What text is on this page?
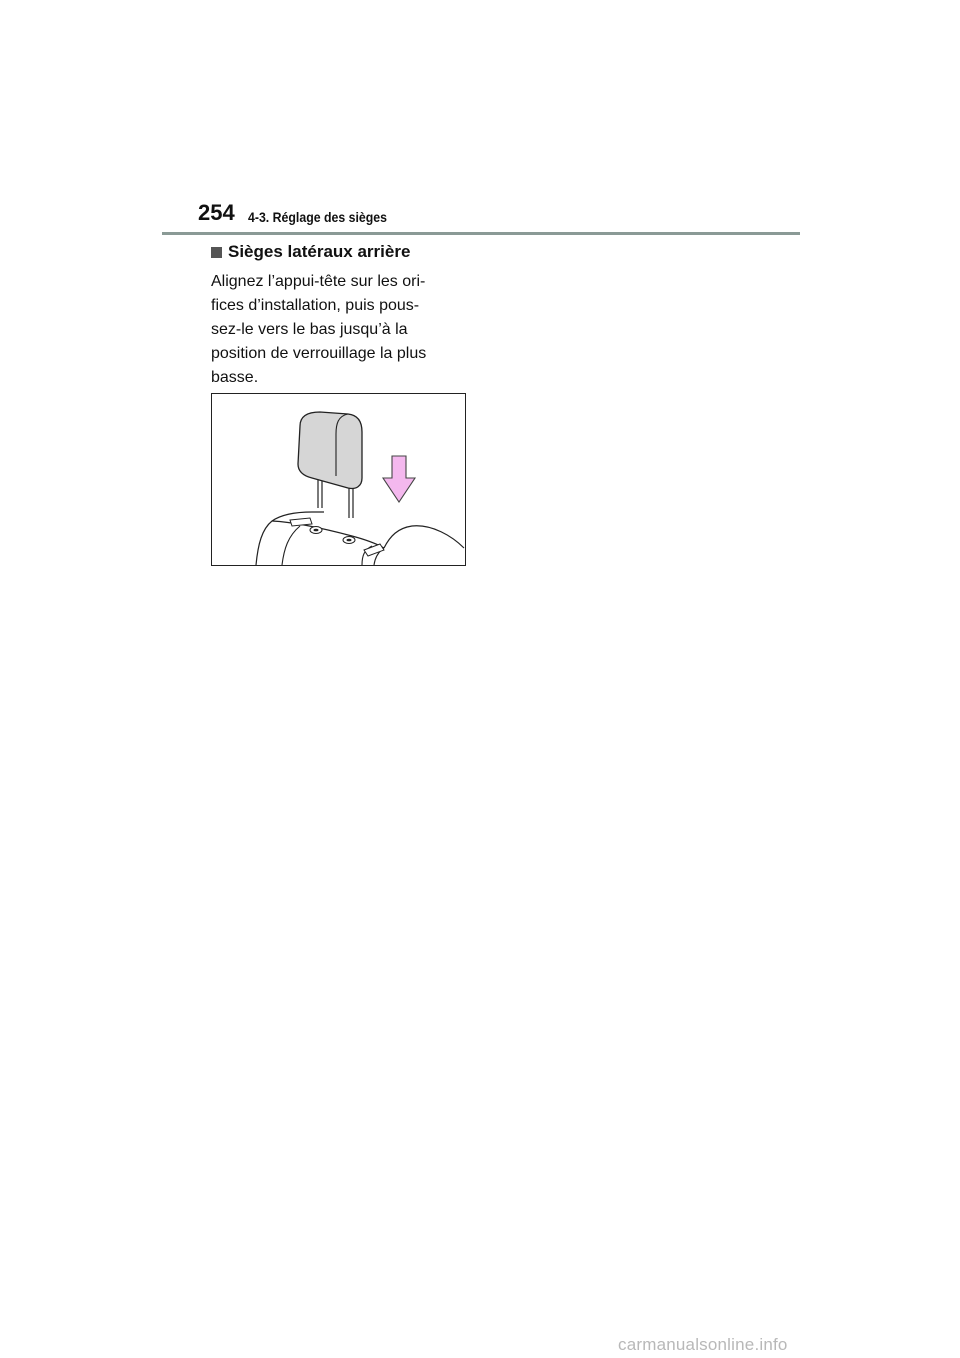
254 4-3. Réglage des sièges
Sièges latéraux arrière
Alignez l’appui-tête sur les ori-
fices d’installation, puis pous-
sez-le vers le bas jusqu’à la
position de verrouillage la plus
basse.
carmanualsonline.info
